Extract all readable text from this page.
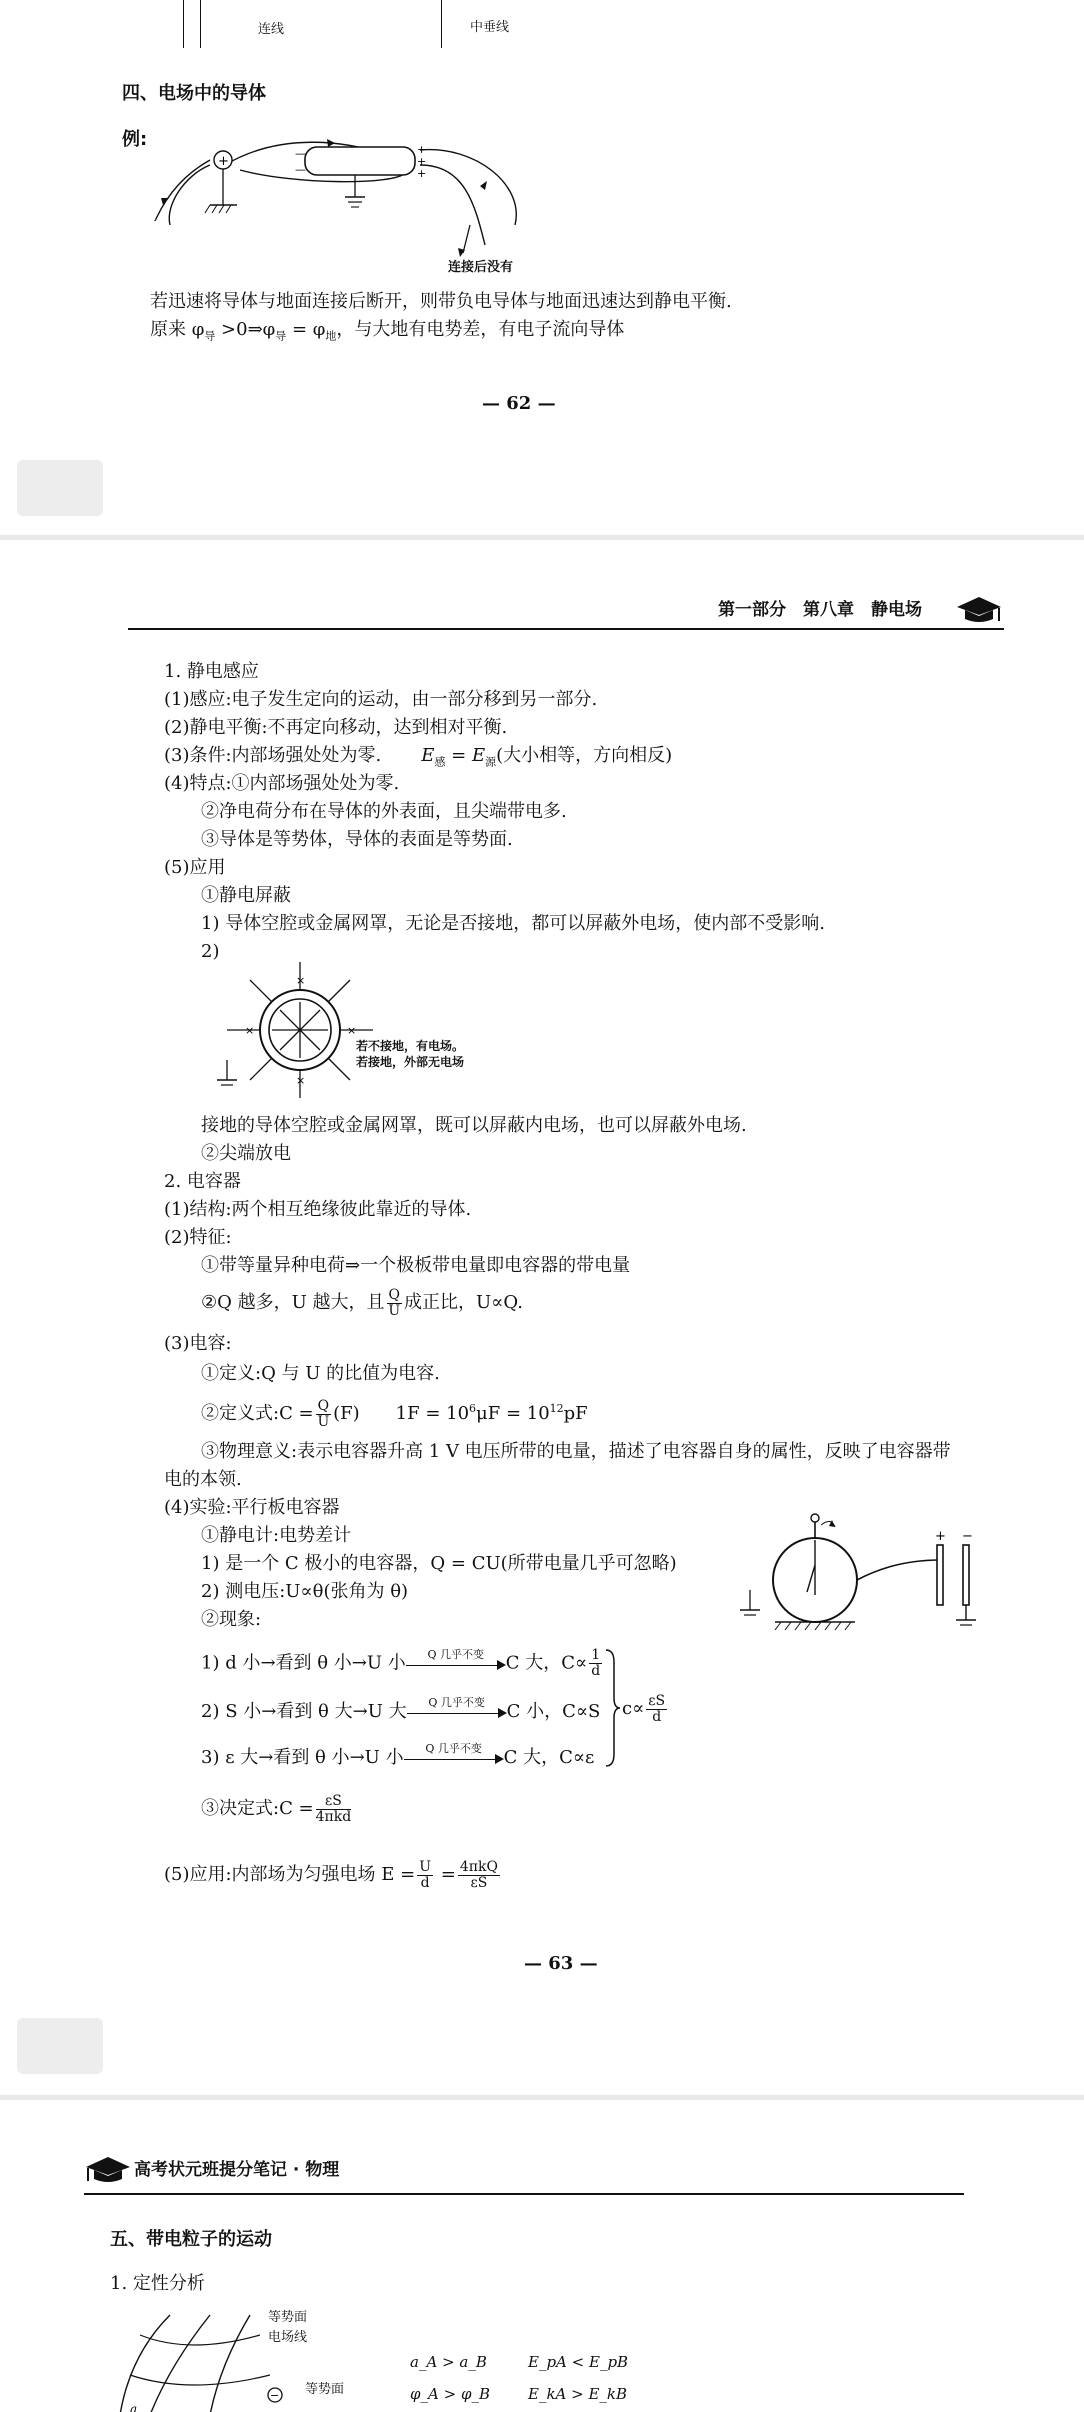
连线	中垂线
四、电场中的导体
例:
+
—
—
+
+
+
连接后没有
若迅速将导体与地面连接后断开，则带负电导体与地面迅速达到静电平衡.
原来 $\varphi_导$ $>0\Rightarrow\varphi_导 = \varphi_地$，与大地有电势差，有电子流向导体
— 62 —
第一部分　第八章　静电场
1. 静电感应
(1)感应:电子发生定向的运动，由一部分移到另一部分.
(2)静电平衡:不再定向移动，达到相对平衡.
(3)条件:内部场强处处为零. $E_感 = E_源$(大小相等，方向相反)
(4)特点:①内部场强处处为零.
②净电荷分布在导体的外表面，且尖端带电多.
③导体是等势体，导体的表面是等势面.
(5)应用
①静电屏蔽
1) 导体空腔或金属网罩，无论是否接地，都可以屏蔽外电场，使内部不受影响.
2)
×
×
×	×
若不接地，有电场。
若接地，外部无电场
接地的导体空腔或金属网罩，既可以屏蔽内电场，也可以屏蔽外电场.
②尖端放电
2. 电容器
(1)结构:两个相互绝缘彼此靠近的导体.
(2)特征:
①带等量异种电荷⇒一个极板带电量即电容器的带电量
②Q 越多，U 越大，且 $\frac{Q}{U}$ 成正比，U∝Q.
(3)电容:
①定义:Q 与 U 的比值为电容.
②定义式:C = $\frac{Q}{U} (F)$　　$1F = 10^6\mu F = 10^{12}pF$
③物理意义:表示电容器升高 1 V 电压所带的电量，描述了电容器自身的属性，反映了电容器带
电的本领.
(4)实验:平行板电容器
①静电计:电势差计
1) 是一个 C 极小的电容器，Q = CU(所带电量几乎可忽略)
2) 测电压:U∝θ(张角为 θ)
②现象:
+ −
1) d 小→看到 θ 小→U 小	Q 几乎不变	C 大，$C\propto \frac{1}{d}$
2) S 小→看到 θ 大→U 大	Q 几乎不变	C 小，C∝S
3) ε 大→看到 θ 小→U 小	Q 几乎不变	C 大，C∝ε
$c\propto \frac{\varepsilon S}{d}$
③决定式:C = $\frac{\varepsilon S}{\text{4πkd}}$
(5)应用:内部场为匀强电场 $E = \frac{U}{d} = \frac{\text{4πkQ}}{\varepsilon S}$
— 63 —
高考状元班提分笔记 · 物理
五、带电粒子的运动
1. 定性分析
−
a
等势面
电场线
等势面
a_A > a_B	E_pA < E_pB
φ_A > φ_B	E_kA > E_kB
